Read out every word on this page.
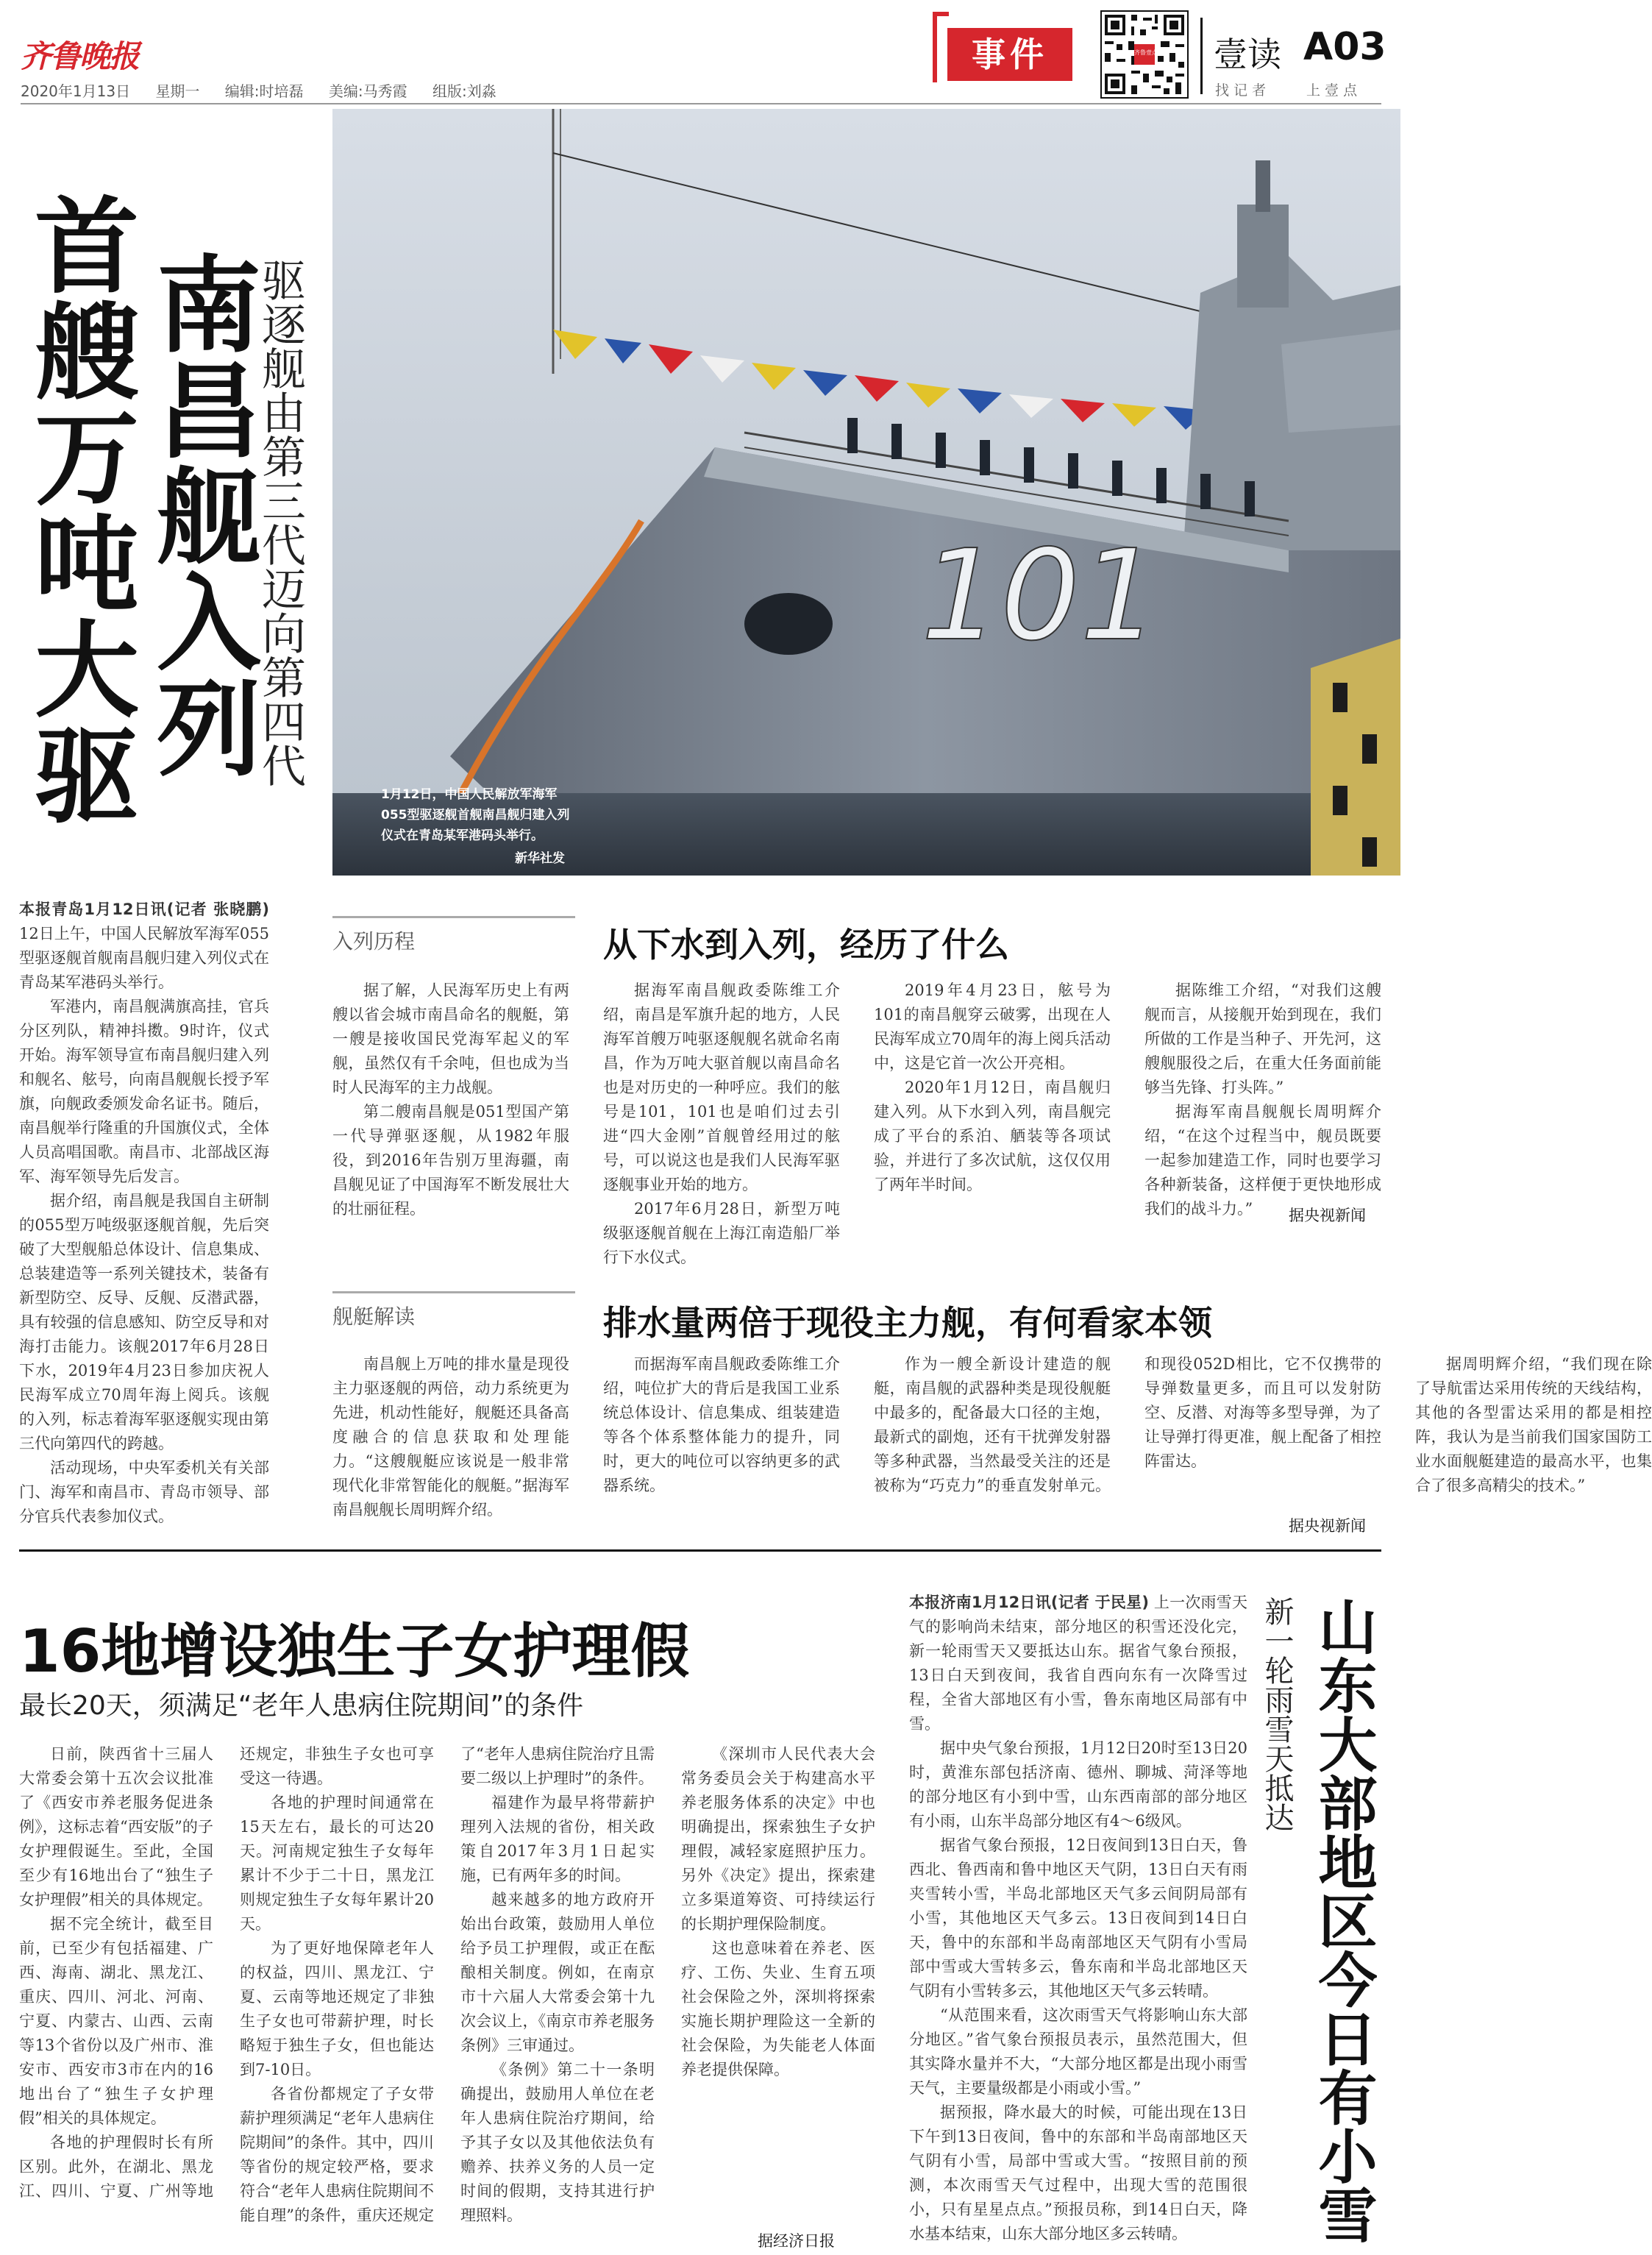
齐鲁晚报
2020年1月13日 星期一 编辑:时培磊 美编:马秀霞 组版:刘淼
事件	齐鲁壹点 壹读 A03
找 记 者	上 壹 点
首艘万吨大驱 南昌舰入列
驱逐舰由第三代迈向第四代	101
1月12日，中国人民解放军海军055型驱逐舰首舰南昌舰归建入列仪式在青岛某军港码头举行。
新华社发

本报青岛1月12日讯(记者 张晓鹏) 12日上午，中国人民解放军海军055型驱逐舰首舰南昌舰归建入列仪式在青岛某军港码头举行。

军港内，南昌舰满旗高挂，官兵分区列队，精神抖擞。9时许，仪式开始。海军领导宣布南昌舰归建入列和舰名、舷号，向南昌舰舰长授予军旗，向舰政委颁发命名证书。随后，南昌舰举行隆重的升国旗仪式，全体人员高唱国歌。南昌市、北部战区海军、海军领导先后发言。

据介绍，南昌舰是我国自主研制的055型万吨级驱逐舰首舰，先后突破了大型舰船总体设计、信息集成、总装建造等一系列关键技术，装备有新型防空、反导、反舰、反潜武器，具有较强的信息感知、防空反导和对海打击能力。该舰2017年6月28日下水，2019年4月23日参加庆祝人民海军成立70周年海上阅兵。该舰的入列，标志着海军驱逐舰实现由第三代向第四代的跨越。

活动现场，中央军委机关有关部门、海军和南昌市、青岛市领导、部分官兵代表参加仪式。

入列历程	从下水到入列，经历了什么

据了解，人民海军历史上有两艘以省会城市南昌命名的舰艇，第一艘是接收国民党海军起义的军舰，虽然仅有千余吨，但也成为当时人民海军的主力战舰。

第二艘南昌舰是051型国产第一代导弹驱逐舰，从1982年服役，到2016年告别万里海疆，南昌舰见证了中国海军不断发展壮大的壮丽征程。

据海军南昌舰政委陈维工介绍，南昌是军旗升起的地方，人民海军首艘万吨驱逐舰舰名就命名南昌，作为万吨大驱首舰以南昌命名也是对历史的一种呼应。我们的舷号是101，101也是咱们过去引进“四大金刚”首舰曾经用过的舷号，可以说这也是我们人民海军驱逐舰事业开始的地方。

2017年6月28日，新型万吨级驱逐舰首舰在上海江南造船厂举行下水仪式。

2019年4月23日，舷号为101的南昌舰穿云破雾，出现在人民海军成立70周年的海上阅兵活动中，这是它首一次公开亮相。

2020年1月12日，南昌舰归建入列。从下水到入列，南昌舰完成了平台的系泊、舾装等各项试验，并进行了多次试航，这仅仅用了两年半时间。

据陈维工介绍，“对我们这艘舰而言，从接舰开始到现在，我们所做的工作是当种子、开先河，这艘舰服役之后，在重大任务面前能够当先锋、打头阵。”

据海军南昌舰舰长周明辉介绍，“在这个过程当中，舰员既要一起参加建造工作，同时也要学习各种新装备，这样便于更快地形成我们的战斗力。”	据央视新闻
舰艇解读	排水量两倍于现役主力舰，有何看家本领

南昌舰上万吨的排水量是现役主力驱逐舰的两倍，动力系统更为先进，机动性能好，舰艇还具备高度融合的信息获取和处理能力。“这艘舰艇应该说是一般非常现代化非常智能化的舰艇。”据海军南昌舰舰长周明辉介绍。

而据海军南昌舰政委陈维工介绍，吨位扩大的背后是我国工业系统总体设计、信息集成、组装建造等各个体系整体能力的提升，同时，更大的吨位可以容纳更多的武器系统。

作为一艘全新设计建造的舰艇，南昌舰的武器种类是现役舰艇中最多的，配备最大口径的主炮，最新式的副炮，还有干扰弹发射器等多种武器，当然最受关注的还是被称为“巧克力”的垂直发射单元。和现役052D相比，它不仅携带的导弹数量更多，而且可以发射防空、反潜、对海等多型导弹，为了让导弹打得更准，舰上配备了相控阵雷达。

据周明辉介绍，“我们现在除了导航雷达采用传统的天线结构，其他的各型雷达采用的都是相控阵，我认为是当前我们国家国防工业水面舰艇建造的最高水平，也集合了很多高精尖的技术。”

据央视新闻
16地增设独生子女护理假
最长20天，须满足“老年人患病住院期间”的条件

日前，陕西省十三届人大常委会第十五次会议批准了《西安市养老服务促进条例》，这标志着“西安版”的子女护理假诞生。至此，全国至少有16地出台了“独生子女护理假”相关的具体规定。

据不完全统计，截至目前，已至少有包括福建、广西、海南、湖北、黑龙江、重庆、四川、河北、河南、宁夏、内蒙古、山西、云南等13个省份以及广州市、淮安市、西安市3市在内的16地出台了“独生子女护理假”相关的具体规定。

各地的护理假时长有所区别。此外，在湖北、黑龙江、四川、宁夏、广州等地还规定，非独生子女也可享受这一待遇。

各地的护理时间通常在15天左右，最长的可达20天。河南规定独生子女每年累计不少于二十日，黑龙江则规定独生子女每年累计20天。

为了更好地保障老年人的权益，四川、黑龙江、宁夏、云南等地还规定了非独生子女也可带薪护理，时长略短于独生子女，但也能达到7-10日。

各省份都规定了子女带薪护理须满足“老年人患病住院期间”的条件。其中，四川等省份的规定较严格，要求符合“老年人患病住院期间不能自理”的条件，重庆还规定了“老年人患病住院治疗且需要二级以上护理时”的条件。

福建作为最早将带薪护理列入法规的省份，相关政策自2017年3月1日起实施，已有两年多的时间。

越来越多的地方政府开始出台政策，鼓励用人单位给予员工护理假，或正在酝酿相关制度。例如，在南京市十六届人大常委会第十九次会议上，《南京市养老服务条例》三审通过。

《条例》第二十一条明确提出，鼓励用人单位在老年人患病住院治疗期间，给予其子女以及其他依法负有赡养、扶养义务的人员一定时间的假期，支持其进行护理照料。

《深圳市人民代表大会常务委员会关于构建高水平养老服务体系的决定》中也明确提出，探索独生子女护理假，减轻家庭照护压力。另外《决定》提出，探索建立多渠道筹资、可持续运行的长期护理保险制度。

这也意味着在养老、医疗、工伤、失业、生育五项社会保险之外，深圳将探索实施长期护理险这一全新的社会保险，为失能老人体面养老提供保障。

据经济日报

本报济南1月12日讯(记者 于民星) 上一次雨雪天气的影响尚未结束，部分地区的积雪还没化完，新一轮雨雪天又要抵达山东。据省气象台预报，13日白天到夜间，我省自西向东有一次降雪过程，全省大部地区有小雪，鲁东南地区局部有中雪。

据中央气象台预报，1月12日20时至13日20时，黄淮东部包括济南、德州、聊城、菏泽等地的部分地区有小到中雪，山东西南部的部分地区有小雨，山东半岛部分地区有4～6级风。

据省气象台预报，12日夜间到13日白天，鲁西北、鲁西南和鲁中地区天气阴，13日白天有雨夹雪转小雪，半岛北部地区天气多云间阴局部有小雪，其他地区天气多云。13日夜间到14日白天，鲁中的东部和半岛南部地区天气阴有小雪局部中雪或大雪转多云，鲁东南和半岛北部地区天气阴有小雪转多云，其他地区天气多云转晴。

“从范围来看，这次雨雪天气将影响山东大部分地区。”省气象台预报员表示，虽然范围大，但其实降水量并不大，“大部分地区都是出现小雨雪天气，主要量级都是小雨或小雪。”

据预报，降水最大的时候，可能出现在13日下午到13日夜间，鲁中的东部和半岛南部地区天气阴有小雪，局部中雪或大雪。“按照目前的预测，本次雨雪天气过程中，出现大雪的范围很小，只有星星点点。”预报员称，到14日白天，降水基本结束，山东大部分地区多云转晴。

新一轮雨雪天抵达 山东大部地区今日有小雪
